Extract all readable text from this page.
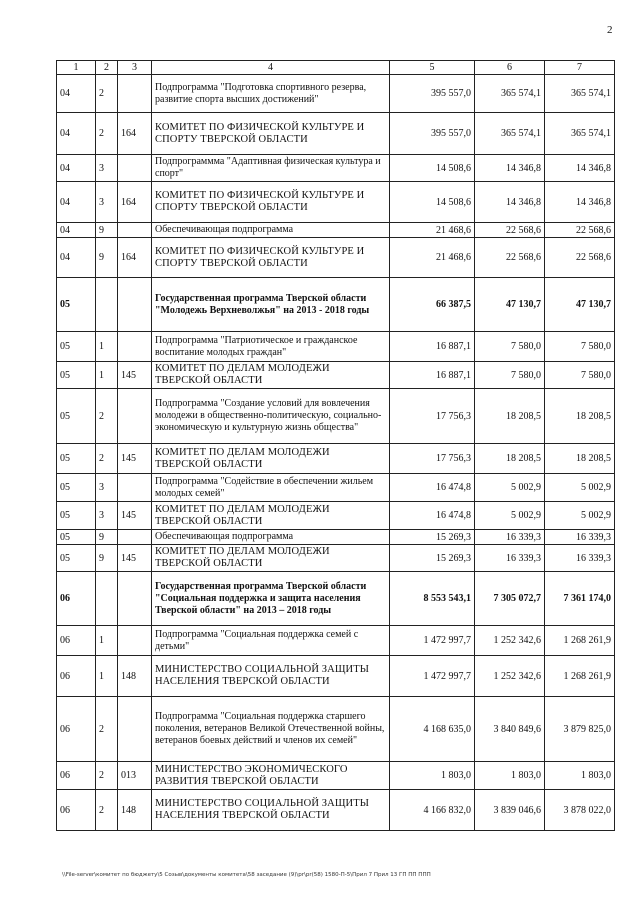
2
1	2	3	4	5	6	7
04	2		Подпрограмма "Подготовка спортивного резерва, развитие спорта высших достижений"	395 557,0	365 574,1	365 574,1
04	2	164	КОМИТЕТ ПО ФИЗИЧЕСКОЙ КУЛЬТУРЕ И СПОРТУ ТВЕРСКОЙ ОБЛАСТИ	395 557,0	365 574,1	365 574,1
04	3		Подпрограммма "Адаптивная физическая культура и спорт"	14 508,6	14 346,8	14 346,8
04	3	164	КОМИТЕТ ПО ФИЗИЧЕСКОЙ КУЛЬТУРЕ И СПОРТУ ТВЕРСКОЙ ОБЛАСТИ	14 508,6	14 346,8	14 346,8
04	9		Обеспечивающая подпрограмма	21 468,6	22 568,6	22 568,6
04	9	164	КОМИТЕТ ПО ФИЗИЧЕСКОЙ КУЛЬТУРЕ И СПОРТУ ТВЕРСКОЙ ОБЛАСТИ	21 468,6	22 568,6	22 568,6
05			Государственная программа Тверской области "Молодежь Верхневолжья" на 2013 - 2018 годы	66 387,5	47 130,7	47 130,7
05	1		Подпрограмма "Патриотическое и гражданское воспитание молодых граждан"	16 887,1	7 580,0	7 580,0
05	1	145	КОМИТЕТ ПО ДЕЛАМ МОЛОДЕЖИ ТВЕРСКОЙ ОБЛАСТИ	16 887,1	7 580,0	7 580,0
05	2		Подпрограмма "Создание условий для вовлечения молодежи в общественно-политическую, социально-экономическую и культурную жизнь общества"	17 756,3	18 208,5	18 208,5
05	2	145	КОМИТЕТ ПО ДЕЛАМ МОЛОДЕЖИ ТВЕРСКОЙ ОБЛАСТИ	17 756,3	18 208,5	18 208,5
05	3		Подпрограмма "Содействие в обеспечении жильем молодых семей"	16 474,8	5 002,9	5 002,9
05	3	145	КОМИТЕТ ПО ДЕЛАМ МОЛОДЕЖИ ТВЕРСКОЙ ОБЛАСТИ	16 474,8	5 002,9	5 002,9
05	9		Обеспечивающая подпрограмма	15 269,3	16 339,3	16 339,3
05	9	145	КОМИТЕТ ПО ДЕЛАМ МОЛОДЕЖИ ТВЕРСКОЙ ОБЛАСТИ	15 269,3	16 339,3	16 339,3
06			Государственная программа Тверской области "Социальная поддержка и защита населения Тверской области" на 2013 – 2018 годы	8 553 543,1	7 305 072,7	7 361 174,0
06	1		Подпрограмма "Социальная поддержка семей с детьми"	1 472 997,7	1 252 342,6	1 268 261,9
06	1	148	МИНИСТЕРСТВО СОЦИАЛЬНОЙ ЗАЩИТЫ НАСЕЛЕНИЯ ТВЕРСКОЙ ОБЛАСТИ	1 472 997,7	1 252 342,6	1 268 261,9
06	2		Подпрограмма "Социальная поддержка старшего поколения, ветеранов Великой Отечественной войны, ветеранов боевых действий и членов их семей"	4 168 635,0	3 840 849,6	3 879 825,0
06	2	013	МИНИСТЕРСТВО ЭКОНОМИЧЕСКОГО РАЗВИТИЯ ТВЕРСКОЙ ОБЛАСТИ	1 803,0	1 803,0	1 803,0
06	2	148	МИНИСТЕРСТВО СОЦИАЛЬНОЙ ЗАЩИТЫ НАСЕЛЕНИЯ ТВЕРСКОЙ ОБЛАСТИ	4 166 832,0	3 839 046,6	3 878 022,0
\\File-server\комитет по бюджету\5 Созыв\документы комитета\58 заседание (9)\pr\pr(58) 1580-П-5\Прил 7 Прил 13 ГП ПП ППП
